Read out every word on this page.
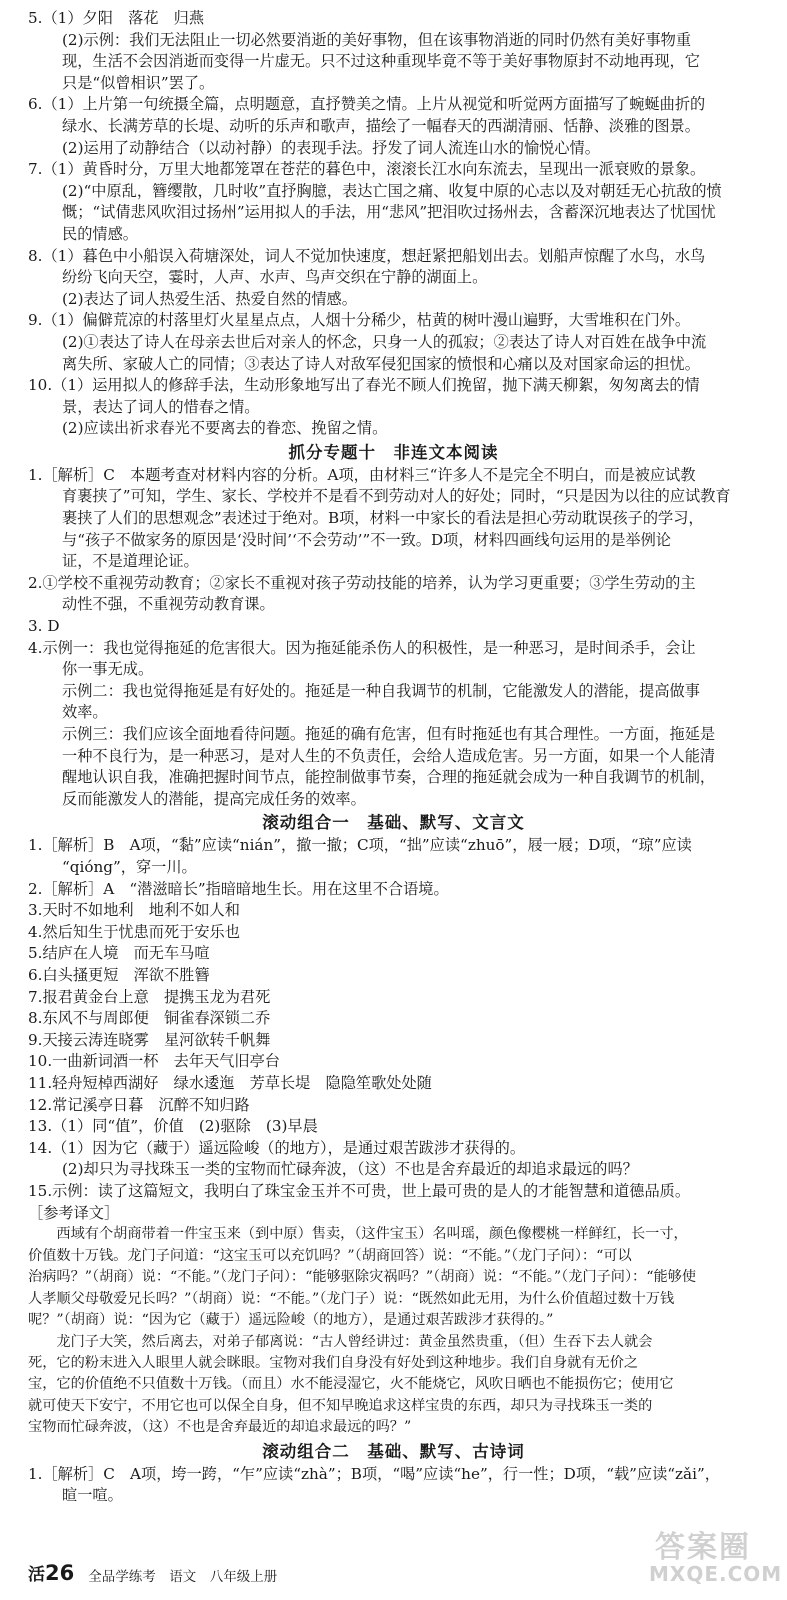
5.（1）夕阳　落花　归燕
(2)示例：我们无法阻止一切必然要消逝的美好事物，但在该事物消逝的同时仍然有美好事物重
现，生活不会因消逝而变得一片虚无。只不过这种重现毕竟不等于美好事物原封不动地再现，它
只是“似曾相识”罢了。
6.（1）上片第一句统摄全篇，点明题意，直抒赞美之情。上片从视觉和听觉两方面描写了蜿蜒曲折的
绿水、长满芳草的长堤、动听的乐声和歌声，描绘了一幅春天的西湖清丽、恬静、淡雅的图景。
(2)运用了动静结合（以动衬静）的表现手法。抒发了词人流连山水的愉悦心情。
7.（1）黄昏时分，万里大地都笼罩在苍茫的暮色中，滚滚长江水向东流去，呈现出一派衰败的景象。
(2)“中原乱，簪缨散，几时收”直抒胸臆，表达亡国之痛、收复中原的心志以及对朝廷无心抗敌的愤
慨；“试倩悲风吹泪过扬州”运用拟人的手法，用“悲风”把泪吹过扬州去，含蓄深沉地表达了忧国忧
民的情感。
8.（1）暮色中小船误入荷塘深处，词人不觉加快速度，想赶紧把船划出去。划船声惊醒了水鸟，水鸟
纷纷飞向天空，霎时，人声、水声、鸟声交织在宁静的湖面上。
(2)表达了词人热爱生活、热爱自然的情感。
9.（1）偏僻荒凉的村落里灯火星星点点，人烟十分稀少，枯黄的树叶漫山遍野，大雪堆积在门外。
(2)①表达了诗人在母亲去世后对亲人的怀念，只身一人的孤寂；②表达了诗人对百姓在战争中流
离失所、家破人亡的同情；③表达了诗人对敌军侵犯国家的愤恨和心痛以及对国家命运的担忧。
10.（1）运用拟人的修辞手法，生动形象地写出了春光不顾人们挽留，抛下满天柳絮，匆匆离去的情
景，表达了词人的惜春之情。
(2)应读出祈求春光不要离去的眷恋、挽留之情。
抓分专题十　非连文本阅读
1.［解析］C　本题考查对材料内容的分析。A项，由材料三“许多人不是完全不明白，而是被应试教
育裹挟了”可知，学生、家长、学校并不是看不到劳动对人的好处；同时，“只是因为以往的应试教育
裹挟了人们的思想观念”表述过于绝对。B项，材料一中家长的看法是担心劳动耽误孩子的学习，
与“孩子不做家务的原因是‘没时间’‘不会劳动’”不一致。D项，材料四画线句运用的是举例论
证，不是道理论证。
2.①学校不重视劳动教育；②家长不重视对孩子劳动技能的培养，认为学习更重要；③学生劳动的主
动性不强，不重视劳动教育课。
3. D
4.示例一：我也觉得拖延的危害很大。因为拖延能杀伤人的积极性，是一种恶习，是时间杀手，会让
你一事无成。
示例二：我也觉得拖延是有好处的。拖延是一种自我调节的机制，它能激发人的潜能，提高做事
效率。
示例三：我们应该全面地看待问题。拖延的确有危害，但有时拖延也有其合理性。一方面，拖延是
一种不良行为，是一种恶习，是对人生的不负责任，会给人造成危害。另一方面，如果一个人能清
醒地认识自我，准确把握时间节点，能控制做事节奏，合理的拖延就会成为一种自我调节的机制，
反而能激发人的潜能，提高完成任务的效率。
滚动组合一　基础、默写、文言文
1.［解析］B　A项，“黏”应读“nián”，撤一撤；C项，“拙”应读“zhuō”，屐一屐；D项，“琼”应读
“qióng”，穿一川。
2.［解析］A　“潜滋暗长”指暗暗地生长。用在这里不合语境。
3.天时不如地利　地利不如人和
4.然后知生于忧患而死于安乐也
5.结庐在人境　而无车马喧
6.白头搔更短　浑欲不胜簪
7.报君黄金台上意　提携玉龙为君死
8.东风不与周郎便　铜雀春深锁二乔
9.天接云涛连晓雾　星河欲转千帆舞
10.一曲新词酒一杯　去年天气旧亭台
11.轻舟短棹西湖好　绿水逶迤　芳草长堤　隐隐笙歌处处随
12.常记溪亭日暮　沉醉不知归路
13.（1）同“值”，价值　(2)驱除　(3)早晨
14.（1）因为它（藏于）遥远险峻（的地方），是通过艰苦跋涉才获得的。
(2)却只为寻找珠玉一类的宝物而忙碌奔波，（这）不也是舍弃最近的却追求最远的吗？
15.示例：读了这篇短文，我明白了珠宝金玉并不可贵，世上最可贵的是人的才能智慧和道德品质。
［参考译文］
　　西域有个胡商带着一件宝玉来（到中原）售卖，（这件宝玉）名叫瑶，颜色像樱桃一样鲜红，长一寸，
价值数十万钱。龙门子问道：“这宝玉可以充饥吗？”（胡商回答）说：“不能。”（龙门子问）：“可以
治病吗？”（胡商）说：“不能。”（龙门子问）：“能够驱除灾祸吗？”（胡商）说：“不能。”（龙门子问）：“能够使
人孝顺父母敬爱兄长吗？”（胡商）说：“不能。”（龙门子）说：“既然如此无用，为什么价值超过数十万钱
呢？”（胡商）说：“因为它（藏于）遥远险峻（的地方），是通过艰苦跋涉才获得的。”
　　龙门子大笑，然后离去，对弟子郁离说：“古人曾经讲过：黄金虽然贵重，（但）生吞下去人就会
死，它的粉末进入人眼里人就会眯眼。宝物对我们自身没有好处到这种地步。我们自身就有无价之
宝，它的价值绝不只值数十万钱。（而且）水不能浸湿它，火不能烧它，风吹日晒也不能损伤它；使用它
就可使天下安宁，不用它也可以保全自身，但不知早晚追求这样宝贵的东西，却只为寻找珠玉一类的
宝物而忙碌奔波，（这）不也是舍弃最近的却追求最远的吗？”
滚动组合二　基础、默写、古诗词
1.［解析］C　A项，垮一跨，“乍”应读“zhà”；B项，“喝”应读“he”，行一性；D项，“载”应读“zǎi”，
暄一喧。
活26 全品学练考　语文　八年级上册
答案圈
MXQE.COM
